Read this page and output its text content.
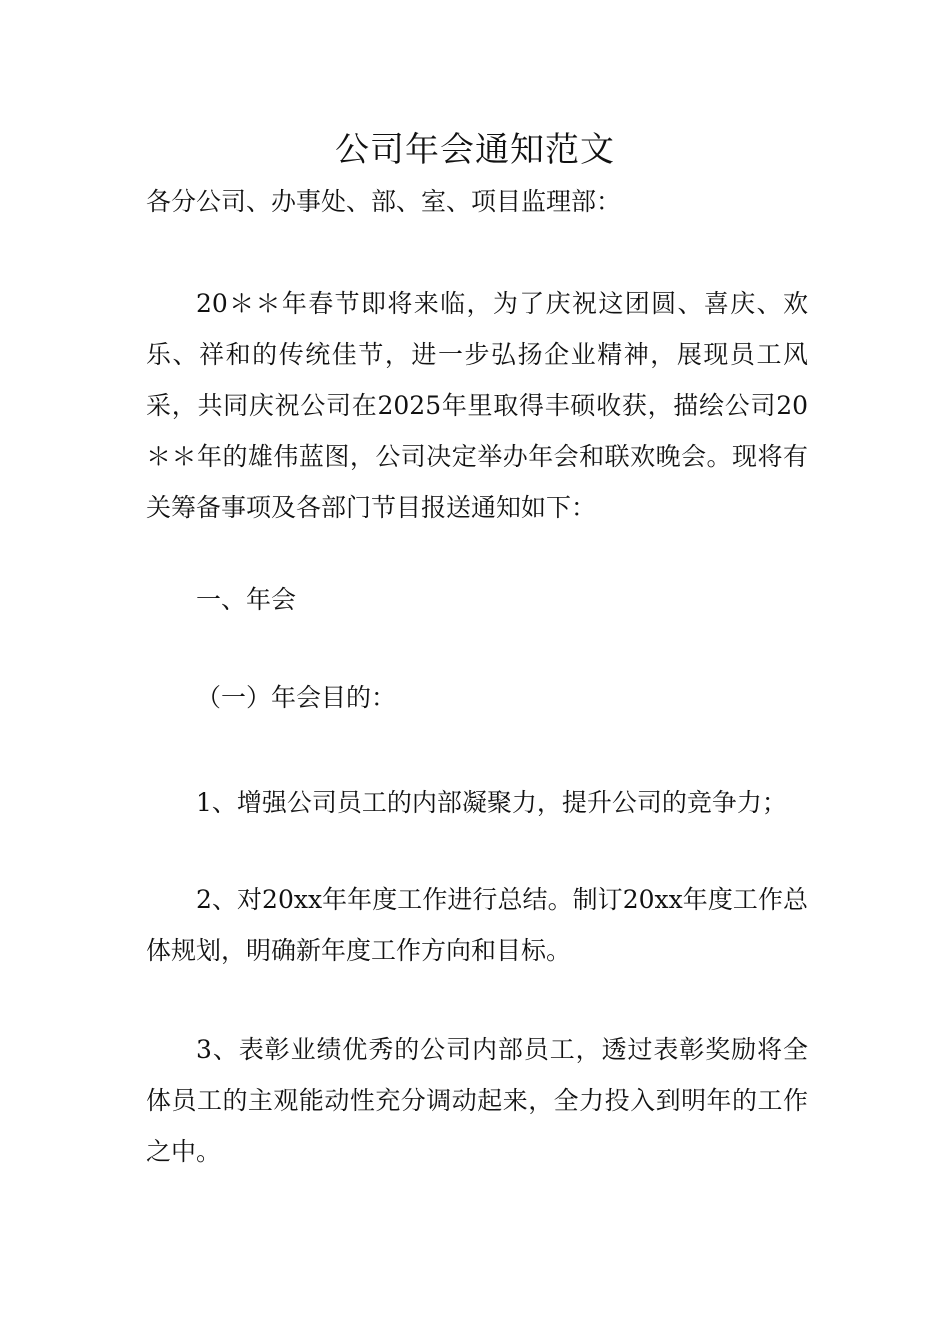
公司年会通知范文
各分公司、办事处、部、室、项目监理部：
20＊＊年春节即将来临，为了庆祝这团圆、喜庆、欢乐、祥和的传统佳节，进一步弘扬企业精神，展现员工风采，共同庆祝公司在2025年里取得丰硕收获，描绘公司20＊＊年的雄伟蓝图，公司决定举办年会和联欢晚会。现将有关筹备事项及各部门节目报送通知如下：
一、年会
（一）年会目的：
1、增强公司员工的内部凝聚力，提升公司的竞争力；
2、对20xx年年度工作进行总结。制订20xx年度工作总体规划，明确新年度工作方向和目标。
3、表彰业绩优秀的公司内部员工，透过表彰奖励将全体员工的主观能动性充分调动起来，全力投入到明年的工作之中。
